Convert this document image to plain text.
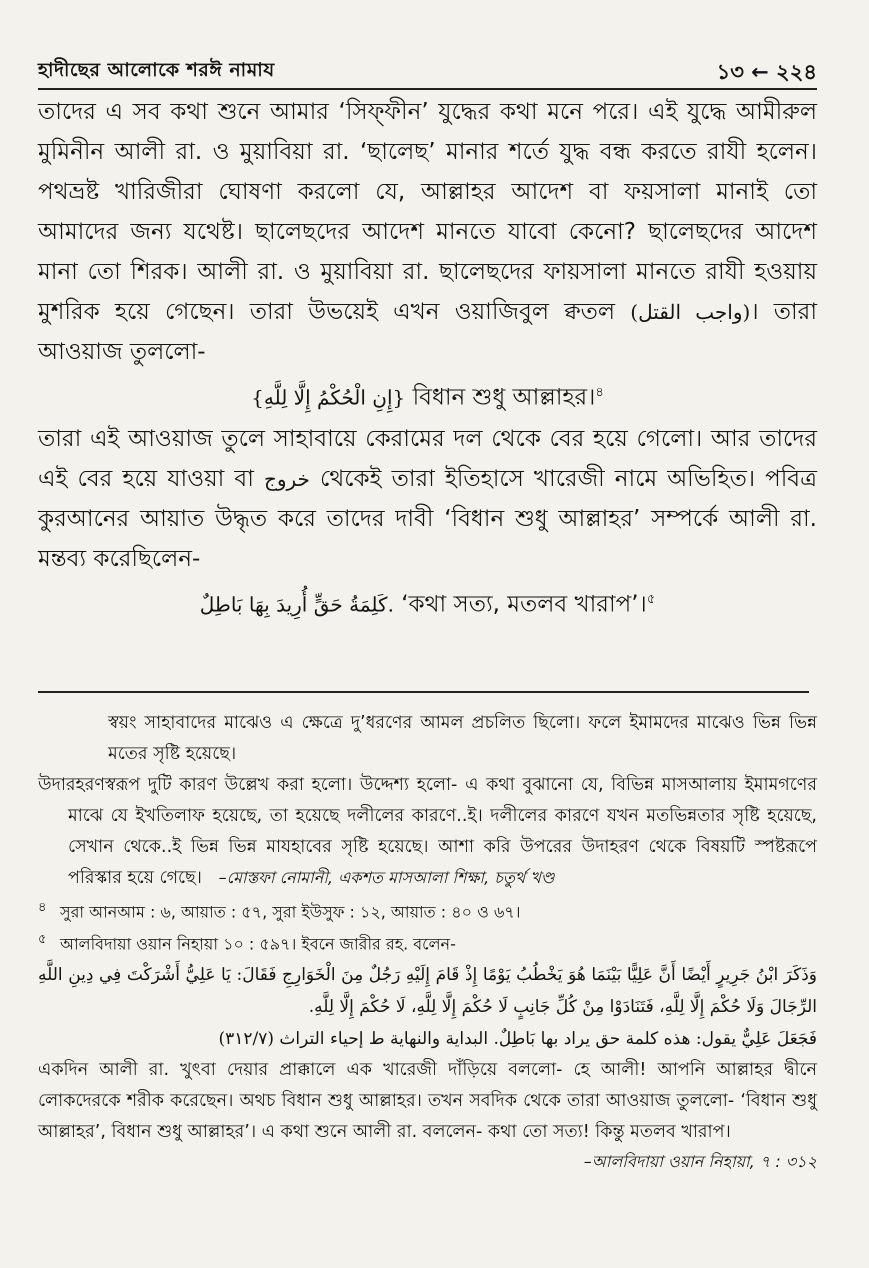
হাদীছের আলোকে শরঈ নামায	১৩ ← ২২৪

তাদের এ সব কথা শুনে আমার ‘সিফ্ফীন’ যুদ্ধের কথা মনে পরে। এই যুদ্ধে আমীরুল মুমিনীন আলী রা. ও মুয়াবিয়া রা. ‘ছালেছ’ মানার শর্তে যুদ্ধ বন্ধ করতে রাযী হলেন। পথভ্রষ্ট খারিজীরা ঘোষণা করলো যে, আল্লাহর আদেশ বা ফয়সালা মানাই তো আমাদের জন্য যথেষ্ট। ছালেছদের আদেশ মানতে যাবো কেনো? ছালেছদের আদেশ মানা তো শিরক। আলী রা. ও মুয়াবিয়া রা. ছালেছদের ফায়সালা মানতে রাযী হওয়ায় মুশরিক হয়ে গেছেন। তারা উভয়েই এখন ওয়াজিবুল ক্বতল (واجب القتل)। তারা আওয়াজ তুললো-

{إِنِ الْحُكْمُ إِلَّا لِلَّهِ} বিধান শুধু আল্লাহর।$^৪$

তারা এই আওয়াজ তুলে সাহাবায়ে কেরামের দল থেকে বের হয়ে গেলো। আর তাদের এই বের হয়ে যাওয়া বা خروج থেকেই তারা ইতিহাসে খারেজী নামে অভিহিত। পবিত্র কুরআনের আয়াত উদ্ধৃত করে তাদের দাবী ‘বিধান শুধু আল্লাহর’ সম্পর্কে আলী রা. মন্তব্য করেছিলেন-

كَلِمَةُ حَقٍّ أُرِيدَ بِهَا بَاطِلٌ. ‘কথা সত্য, মতলব খারাপ’।$^৫$

স্বয়ং সাহাবাদের মাঝেও এ ক্ষেত্রে দু’ধরণের আমল প্রচলিত ছিলো। ফলে ইমামদের মাঝেও ভিন্ন ভিন্ন মতের সৃষ্টি হয়েছে।

উদারহরণস্বরূপ দুটি কারণ উল্লেখ করা হলো। উদ্দেশ্য হলো- এ কথা বুঝানো যে, বিভিন্ন মাসআলায় ইমামগণের মাঝে যে ইখতিলাফ হয়েছে, তা হয়েছে দলীলের কারণে..ই। দলীলের কারণে যখন মতভিন্নতার সৃষ্টি হয়েছে, সেখান থেকে..ই ভিন্ন ভিন্ন মাযহাবের সৃষ্টি হয়েছে। আশা করি উপরের উদাহরণ থেকে বিষয়টি স্পষ্টরূপে পরিস্কার হয়ে গেছে। –মোস্তফা নোমানী, একশত মাসআলা শিক্ষা, চতুর্থ খণ্ড

৪ সুরা আনআম : ৬, আয়াত : ৫৭, সুরা ইউসুফ : ১২, আয়াত : ৪০ ও ৬৭।

৫ আলবিদায়া ওয়ান নিহায়া ১০ : ৫৯৭। ইবনে জারীর রহ. বলেন-

وَذَكَرَ ابْنُ جَرِيرٍ أَيْضًا أَنَّ عَلِيًّا بَيْنَمَا هُوَ يَخْطُبُ يَوْمًا إِذْ قَامَ إِلَيْهِ رَجُلٌ مِنَ الْخَوَارِجِ فَقَالَ: يَا عَلِيُّ أَشْرَكْتَ فِي دِينِ اللَّهِ الرِّجَالَ وَلَا حُكْمَ إِلَّا لِلَّهِ، فَتَنَادَوْا مِنْ كُلِّ جَانِبٍ لَا حُكْمَ إِلَّا لِلَّهِ، لَا حُكْمَ إِلَّا لِلَّهِ.

فَجَعَلَ عَلِيٌّ يقول: هذه كلمة حق يراد بها بَاطِلٌ. البداية والنهاية ط إحياء التراث (٣١٢/٧)

একদিন আলী রা. খুৎবা দেয়ার প্রাক্কালে এক খারেজী দাঁড়িয়ে বললো- হে আলী! আপনি আল্লাহর দ্বীনে লোকদেরকে শরীক করেছেন। অথচ বিধান শুধু আল্লাহর। তখন সবদিক থেকে তারা আওয়াজ তুললো- ‘বিধান শুধু আল্লাহর’, বিধান শুধু আল্লাহর’। এ কথা শুনে আলী রা. বললেন- কথা তো সত্য! কিন্তু মতলব খারাপ।

–আলবিদায়া ওয়ান নিহায়া, ৭ : ৩১২
